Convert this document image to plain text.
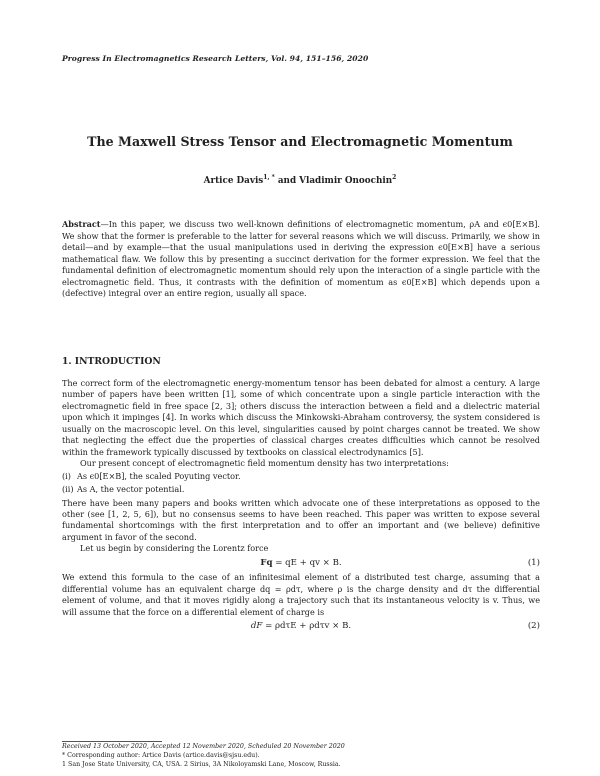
Progress In Electromagnetics Research Letters, Vol. 94, 151–156, 2020
The Maxwell Stress Tensor and Electromagnetic Momentum
Artice Davis$^{1, *}$ and Vladimir Onoochin$^2$
Abstract—In this paper, we discuss two well-known definitions of electromagnetic momentum, ρA and ϵ0[E×B]. We show that the former is preferable to the latter for several reasons which we will discuss. Primarily, we show in detail—and by example—that the usual manipulations used in deriving the expression ϵ0[E×B] have a serious mathematical flaw. We follow this by presenting a succinct derivation for the former expression. We feel that the fundamental definition of electromagnetic momentum should rely upon the interaction of a single particle with the electromagnetic field. Thus, it contrasts with the definition of momentum as ϵ0[E×B] which depends upon a (defective) integral over an entire region, usually all space.
1. INTRODUCTION

The correct form of the electromagnetic energy-momentum tensor has been debated for almost a century. A large number of papers have been written [1], some of which concentrate upon a single particle interaction with the electromagnetic field in free space [2, 3]; others discuss the interaction between a field and a dielectric material upon which it impinges [4]. In works which discuss the Minkowski-Abraham controversy, the system considered is usually on the macroscopic level. On this level, singularities caused by point charges cannot be treated. We show that neglecting the effect due the properties of classical charges creates difficulties which cannot be resolved within the framework typically discussed by textbooks on classical electrodynamics [5].

Our present concept of electromagnetic field momentum density has two interpretations:

(i) As ϵ0[E×B], the scaled Poyuting vector.
(ii) As A, the vector potential.

There have been many papers and books written which advocate one of these interpretations as opposed to the other (see [1, 2, 5, 6]), but no consensus seems to have been reached. This paper was written to expose several fundamental shortcomings with the first interpretation and to offer an important and (we believe) definitive argument in favor of the second.

Let us begin by considering the Lorentz force

Fq = qE + qv × B.	(1)

We extend this formula to the case of an infinitesimal element of a distributed test charge, assuming that a differential volume has an equivalent charge dq = ρdτ, where ρ is the charge density and dτ the differential element of volume, and that it moves rigidly along a trajectory such that its instantaneous velocity is v. Thus, we will assume that the force on a differential element of charge is

dF = ρdτE + ρdτv × B.	(2)
Received 13 October 2020, Accepted 12 November 2020, Scheduled 20 November 2020
* Corresponding author: Artice Davis (artice.davis@sjsu.edu).
1 San Jose State University, CA, USA. 2 Sirius, 3A Nikoloyamski Lane, Moscow, Russia.
